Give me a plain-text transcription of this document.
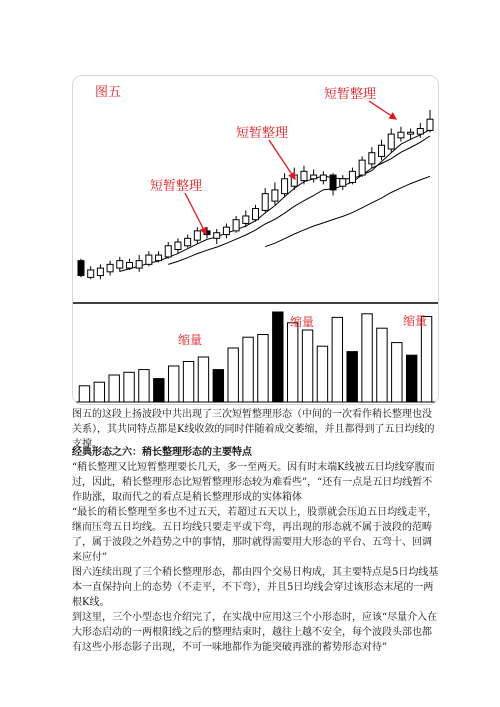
图五
短暂整理
短暂整理
短暂整理
缩量
缩量	缩量

图五的这段上扬波段中共出现了三次短暂整理形态（中间的一次看作稍长整理也没关系），其共同特点都是K线收敛的同时伴随着成交萎缩，并且都得到了五日均线的支撑。

经典形态之六：稍长整理形态的主要特点

“稍长整理又比短暂整理要长几天，多一至两天。因有时末端K线被五日均线穿腹而过，因此，稍长整理形态比短暂整理形态较为难看些”，“还有一点是五日均线暂不作助涨，取而代之的看点是稍长整理形成的实体箱体

“最长的稍长整理至多也不过五天，若超过五天以上，股票就会压迫五日均线走平，继而压弯五日均线。五日均线只要走平或下弯，再出现的形态就不属于波段的范畴了，属于波段之外趋势之中的事情，那时就得需要用大形态的平台、五弯十、回调来应付”

图六连续出现了三个稍长整理形态，都由四个交易日构成，其主要特点是5日均线基本一直保持向上的态势（不走平，不下弯），并且5日均线会穿过该形态末尾的一两根K线。

到这里，三个小型态也介绍完了，在实战中应用这三个小形态时，应该“尽量介入在大形态启动的一两根阳线之后的整理结束时，越往上越不安全，每个波段头部也都有这些小形态影子出现，不可一味地都作为能突破再涨的蓄势形态对待”
